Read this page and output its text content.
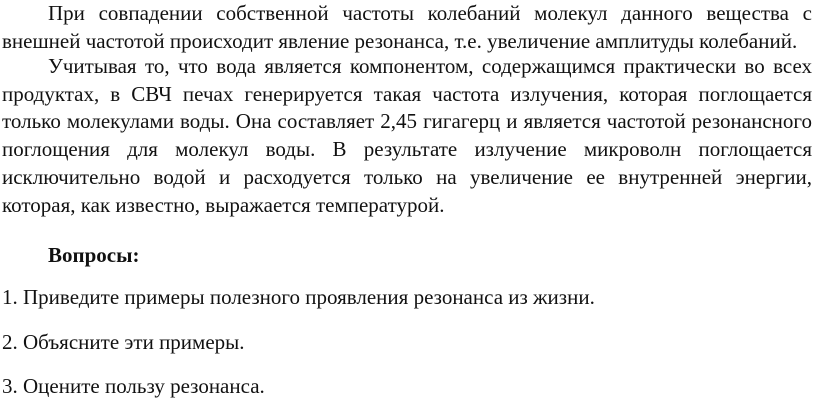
При совпадении собственной частоты колебаний молекул данного вещества с внешней частотой происходит явление резонанса, т.е. увеличение амплитуды колебаний.

Учитывая то, что вода является компонентом, содержащимся практически во всех продуктах, в СВЧ печах генерируется такая частота излучения, которая поглощается только молекулами воды. Она составляет 2,45 гигагерц и является частотой резонансного поглощения для молекул воды. В результате излучение микроволн поглощается исключительно водой и расходуется только на увеличение ее внутренней энергии, которая, как известно, выражается температурой.

Вопросы:

1. Приведите примеры полезного проявления резонанса из жизни.

2. Объясните эти примеры.

3. Оцените пользу резонанса.
